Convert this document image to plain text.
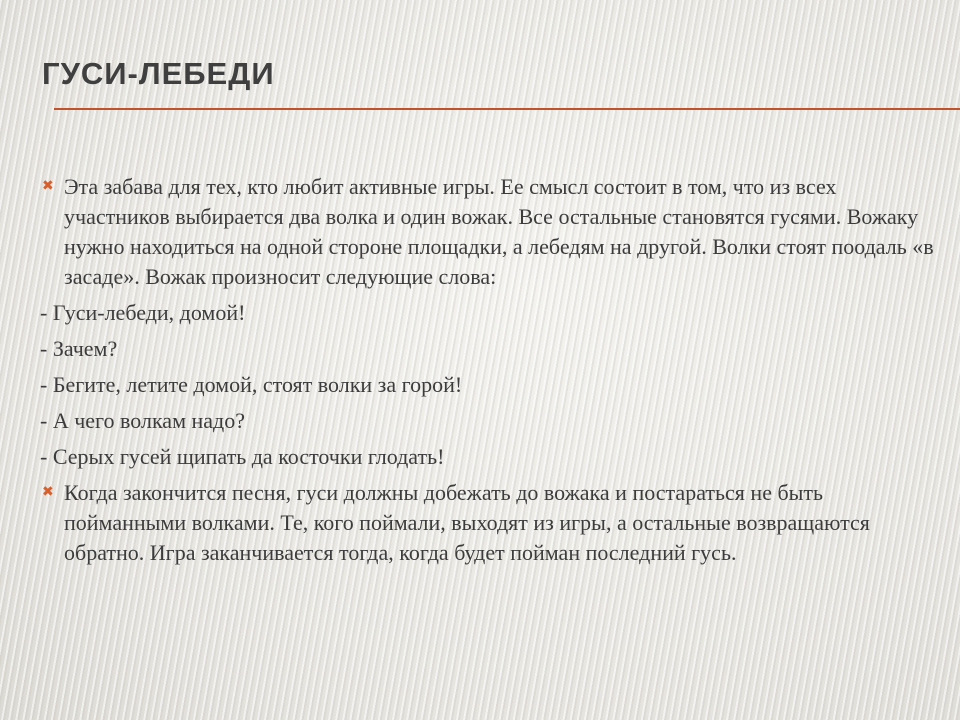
ГУСИ-ЛЕБЕДИ
✖ Эта забава для тех, кто любит активные игры. Ее смысл состоит в том, что из всех участников выбирается два волка и один вожак. Все остальные становятся гусями. Вожаку нужно находиться на одной стороне площадки, а лебедям на другой. Волки стоят поодаль «в засаде». Вожак произносит следующие слова:
- Гуси-лебеди, домой!
- Зачем?
- Бегите, летите домой, стоят волки за горой!
- А чего волкам надо?
- Серых гусей щипать да косточки глодать!
✖ Когда закончится песня, гуси должны добежать до вожака и постараться не быть пойманными волками. Те, кого поймали, выходят из игры, а остальные возвращаются обратно. Игра заканчивается тогда, когда будет пойман последний гусь.
